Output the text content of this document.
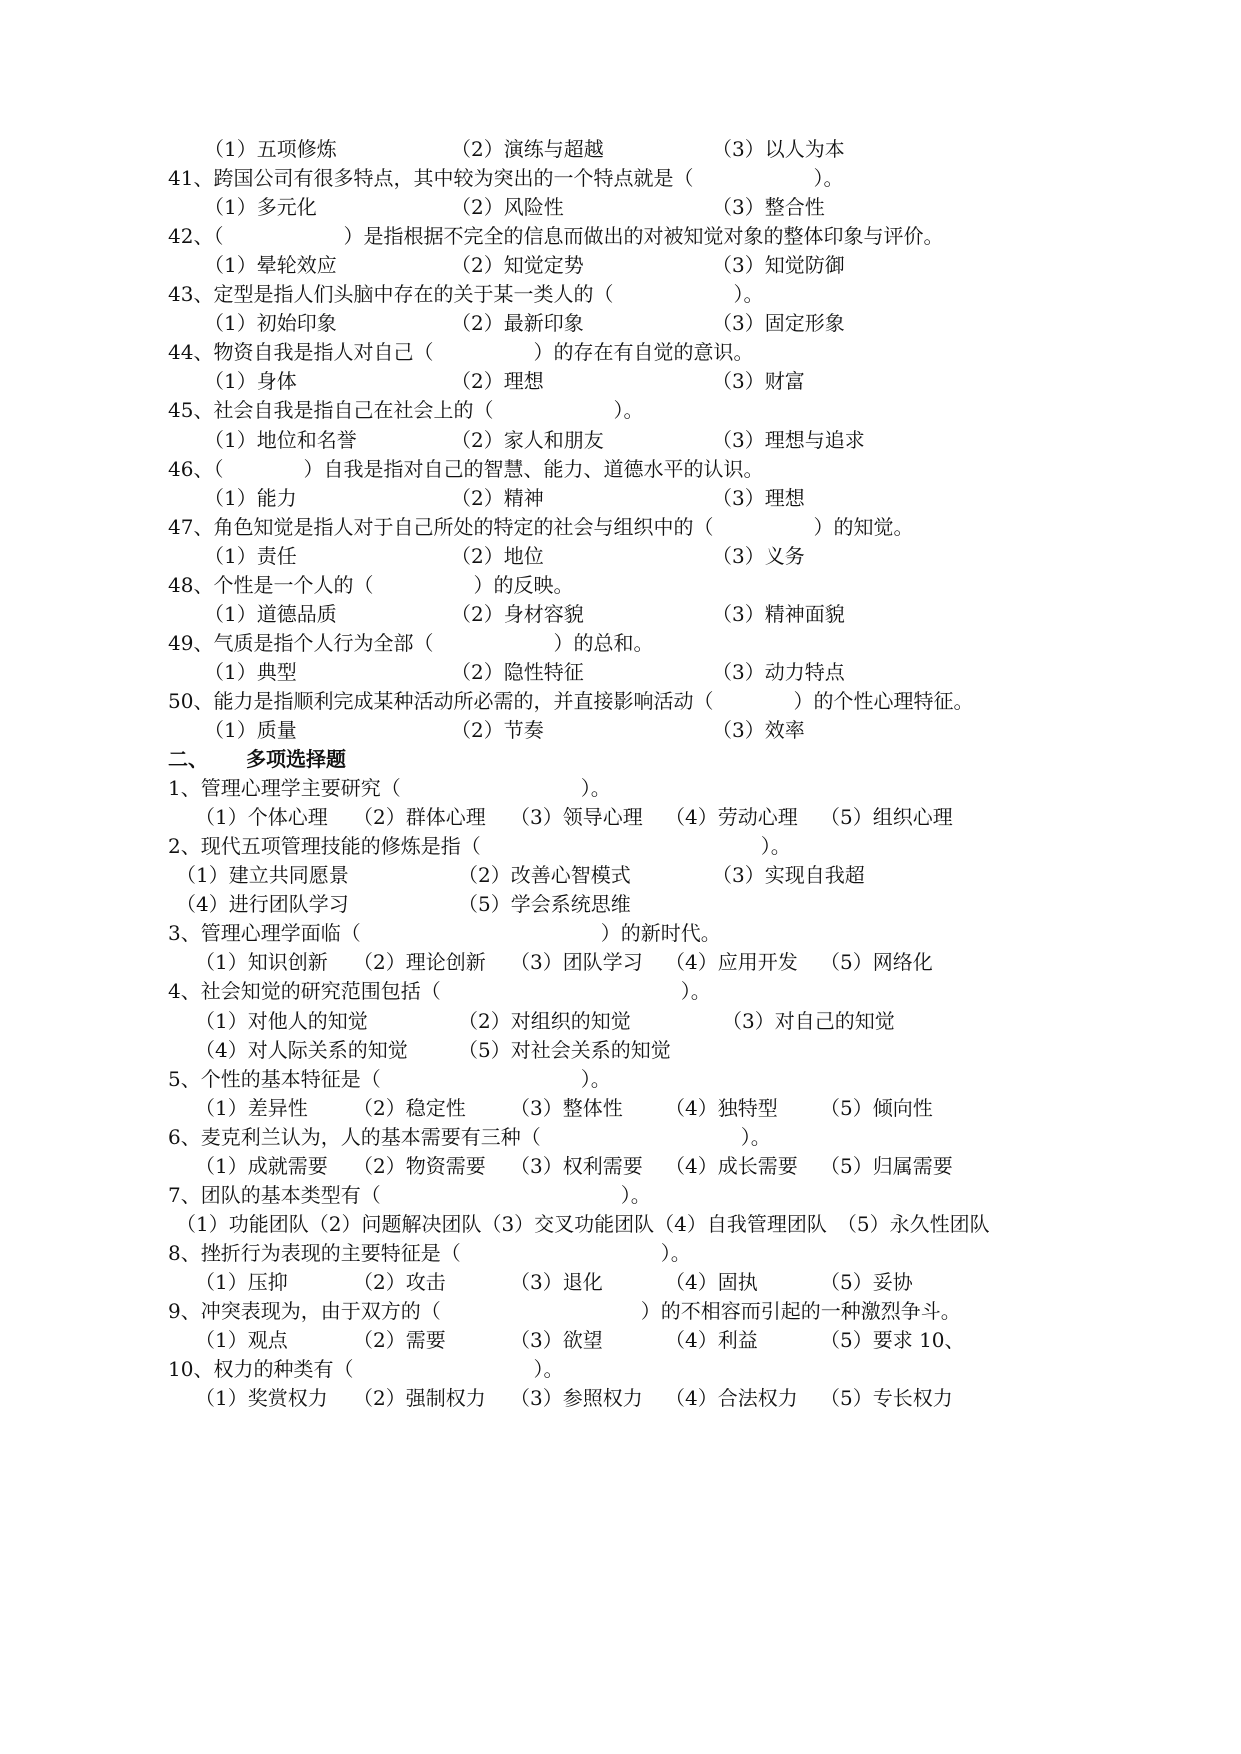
（1）五项修炼	（2）演练与超越	（3）以人为本
41、跨国公司有很多特点，其中较为突出的一个特点就是（　　　　　　）。
（1）多元化	（2）风险性	（3）整合性
42、（　　　　　　）是指根据不完全的信息而做出的对被知觉对象的整体印象与评价。
（1）晕轮效应	（2）知觉定势	（3）知觉防御
43、定型是指人们头脑中存在的关于某一类人的（　　　　　　）。
（1）初始印象	（2）最新印象	（3）固定形象
44、物资自我是指人对自己（　　　　　）的存在有自觉的意识。
（1）身体	（2）理想	（3）财富
45、社会自我是指自己在社会上的（　　　　　　）。
（1）地位和名誉	（2）家人和朋友	（3）理想与追求
46、（　　　　）自我是指对自己的智慧、能力、道德水平的认识。
（1）能力	（2）精神	（3）理想
47、角色知觉是指人对于自己所处的特定的社会与组织中的（　　　　　）的知觉。
（1）责任	（2）地位	（3）义务
48、个性是一个人的（　　　　　）的反映。
（1）道德品质	（2）身材容貌	（3）精神面貌
49、气质是指个人行为全部（　　　　　　）的总和。
（1）典型	（2）隐性特征	（3）动力特点
50、能力是指顺利完成某种活动所必需的，并直接影响活动（　　　　）的个性心理特征。
（1）质量	（2）节奏	（3）效率
二、 多项选择题
1、管理心理学主要研究（　　　　　　　　　）。
（1）个体心理 （2）群体心理 （3）领导心理 （4）劳动心理 （5）组织心理
2、现代五项管理技能的修炼是指（　　　　　　　　　　　　　　）。
（1）建立共同愿景	（2）改善心智模式	（3）实现自我超
（4）进行团队学习	（5）学会系统思维
3、管理心理学面临（　　　　　　　　　　　　）的新时代。
（1）知识创新 （2）理论创新 （3）团队学习 （4）应用开发 （5）网络化
4、社会知觉的研究范围包括（　　　　　　　　　　　　）。
（1）对他人的知觉	（2）对组织的知觉	（3）对自己的知觉
（4）对人际关系的知觉	（5）对社会关系的知觉
5、个性的基本特征是（　　　　　　　　　　）。
（1）差异性 （2）稳定性 （3）整体性 （4）独特型 （5）倾向性
6、麦克利兰认为，人的基本需要有三种（　　　　　　　　　　）。
（1）成就需要 （2）物资需要 （3）权利需要 （4）成长需要 （5）归属需要
7、团队的基本类型有（　　　　　　　　　　　　）。
（1）功能团队（2）问题解决团队（3）交叉功能团队（4）自我管理团队　（5）永久性团队
8、挫折行为表现的主要特征是（　　　　　　　　　　）。
（1）压抑	（2）攻击	（3）退化	（4）固执	（5）妥协
9、冲突表现为，由于双方的（　　　　　　　　　　）的不相容而引起的一种激烈争斗。
（1）观点	（2）需要	（3）欲望	（4）利益	（5）要求 10、
10、权力的种类有（　　　　　　　　　）。
（1）奖赏权力 （2）强制权力 （3）参照权力 （4）合法权力 （5）专长权力
